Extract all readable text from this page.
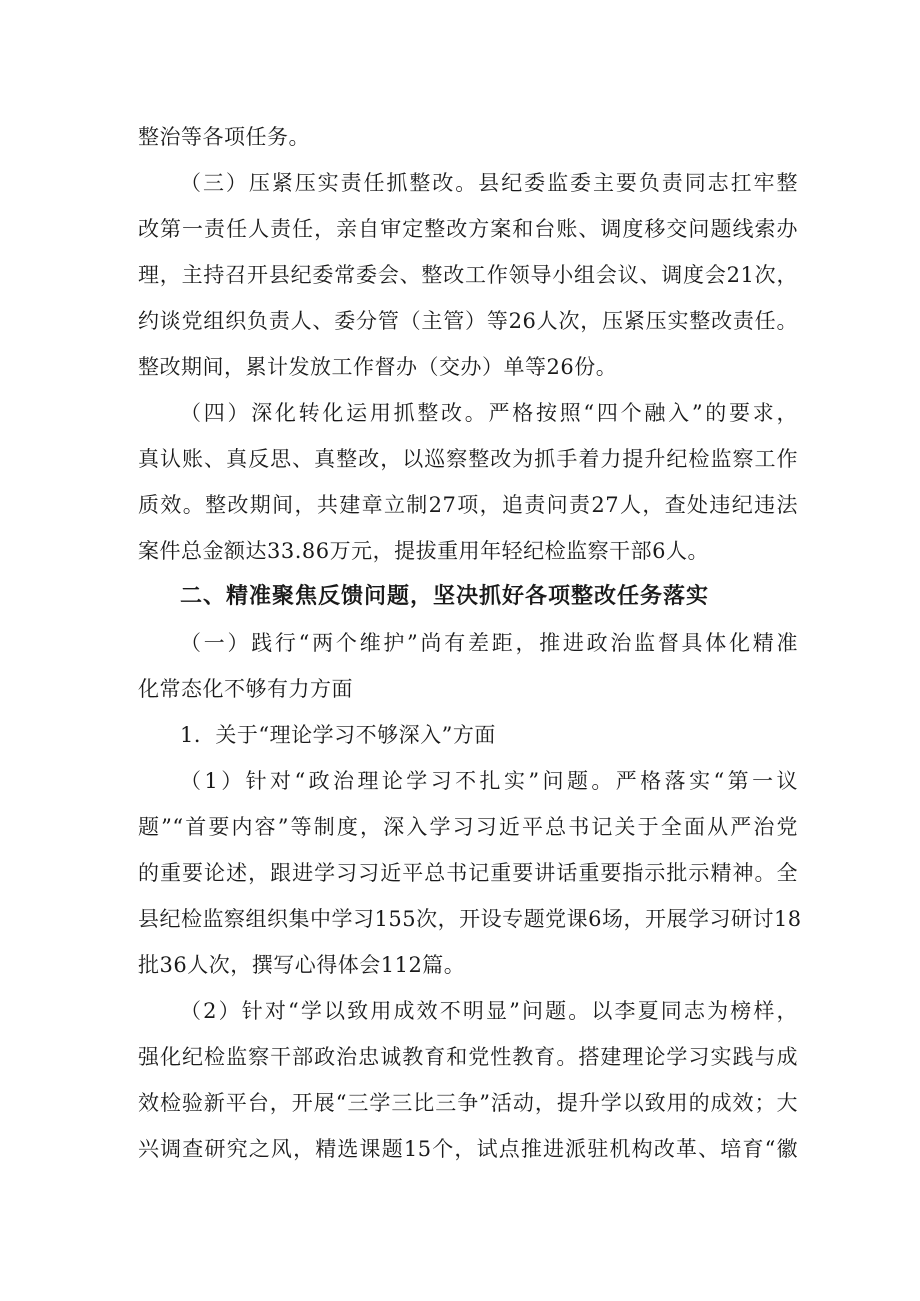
整治等各项任务。
（三）压紧压实责任抓整改。县纪委监委主要负责同志扛牢整
改第一责任人责任，亲自审定整改方案和台账、调度移交问题线索办
理，主持召开县纪委常委会、整改工作领导小组会议、调度会21次，
约谈党组织负责人、委分管（主管）等26人次，压紧压实整改责任。
整改期间，累计发放工作督办（交办）单等26份。
（四）深化转化运用抓整改。严格按照“四个融入”的要求，
真认账、真反思、真整改，以巡察整改为抓手着力提升纪检监察工作
质效。整改期间，共建章立制27项，追责问责27人，查处违纪违法
案件总金额达33.86万元，提拔重用年轻纪检监察干部6人。
二、精准聚焦反馈问题，坚决抓好各项整改任务落实
（一）践行“两个维护”尚有差距，推进政治监督具体化精准
化常态化不够有力方面
1．关于“理论学习不够深入”方面
（1）针对“政治理论学习不扎实”问题。严格落实“第一议
题”“首要内容”等制度，深入学习习近平总书记关于全面从严治党
的重要论述，跟进学习习近平总书记重要讲话重要指示批示精神。全
县纪检监察组织集中学习155次，开设专题党课6场，开展学习研讨18
批36人次，撰写心得体会112篇。
（2）针对“学以致用成效不明显”问题。以李夏同志为榜样，
强化纪检监察干部政治忠诚教育和党性教育。搭建理论学习实践与成
效检验新平台，开展“三学三比三争”活动，提升学以致用的成效；大
兴调查研究之风，精选课题15个，试点推进派驻机构改革、培育“徽
